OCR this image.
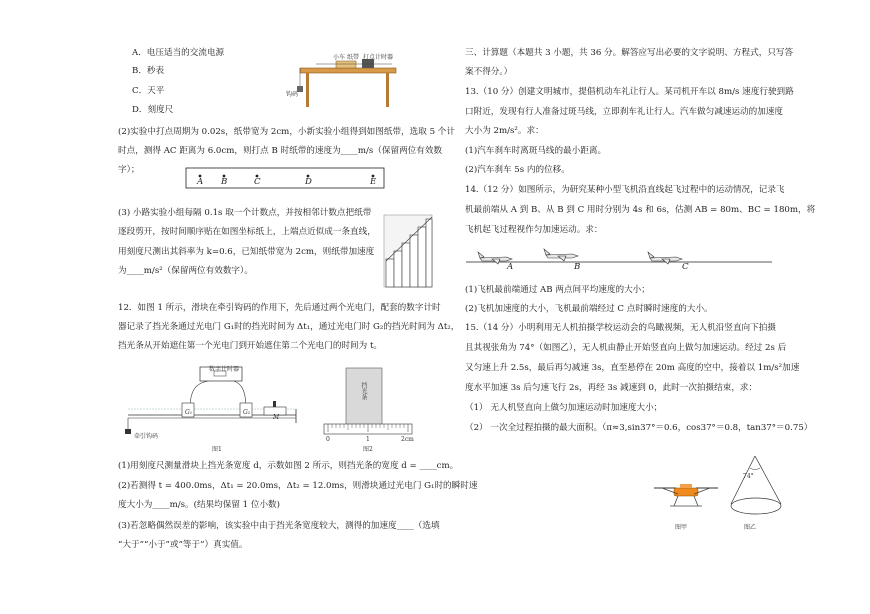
A．电压适当的交流电源
B．秒表
C．天平
D．刻度尺
小车 纸带 打点计时器
钩码
(2)实验中打点周期为 0.02s，纸带宽为 2cm，小新实验小组得到如图纸带，选取 5 个计
时点，测得 AC 距离为 6.0cm，则打点 B 时纸带的速度为____m/s（保留两位有效数
字）；
A B	C	D	E
(3) 小路实验小组每隔 0.1s 取一个计数点，并按相邻计数点把纸带
逐段剪开，按时间顺序贴在如图坐标纸上，上端点近似成一条直线，
用刻度尺测出其斜率为 k=0.6，已知纸带宽为 2cm，则纸带加速度
为____m/s²（保留两位有效数字）。
12．如图 1 所示，滑块在牵引钩码的作用下，先后通过两个光电门，配套的数字计时
器记录了挡光条通过光电门 G₁时的挡光时间为 Δt₁，通过光电门时 G₂的挡光时间为 Δt₂，
挡光条从开始遮住第一个光电门到开始遮住第二个光电门的时间为 t。
数字计时器
G₁	G₂
M
牵引钩码
图1
挡光条
0	1	2cm
图2
(1)用刻度尺测量滑块上挡光条宽度 d，示数如图 2 所示，则挡光条的宽度 d = ____cm。
(2)若测得 t = 400.0ms，Δt₁ = 20.0ms，Δt₂ = 12.0ms，则滑块通过光电门 G₁时的瞬时速
度大小为____m/s。(结果均保留 1 位小数)
(3)若忽略偶然误差的影响，该实验中由于挡光条宽度较大，测得的加速度____（选填
“大于”“小于”或“等于”）真实值。
三、计算题（本题共 3 小题，共 36 分。解答应写出必要的文字说明、方程式，只写答
案不得分。）
13.（10 分）创建文明城市，提倡机动车礼让行人。某司机开车以 8m/s 速度行驶到路
口附近，发现有行人准备过斑马线，立即刹车礼让行人。汽车做匀减速运动的加速度
大小为 2m/s²。求：
(1)汽车刹车时离斑马线的最小距离。
(2)汽车刹车 5s 内的位移。
14.（12 分）如图所示，为研究某种小型飞机沿直线起飞过程中的运动情况，记录飞
机最前端从 A 到 B、从 B 到 C 用时分别为 4s 和 6s，估测 AB = 80m、BC = 180m，将
飞机起飞过程视作匀加速运动。求：
A	B	C
(1)飞机最前端通过 AB 两点间平均速度的大小；
(2)飞机加速度的大小，飞机最前端经过 C 点时瞬时速度的大小。
15.（14 分）小明利用无人机拍摄学校运动会的鸟瞰视频，无人机沿竖直向下拍摄
且其视张角为 74°（如图乙），无人机由静止开始竖直向上做匀加速运动。经过 2s 后
又匀速上升 2.5s，最后再匀减速 3s，直至悬停在 20m 高度的空中，接着以 1m/s²加速
度水平加速 3s 后匀速飞行 2s，再经 3s 减速到 0，此时一次拍摄结束，求：
（1） 无人机竖直向上做匀加速运动时加速度大小；
（2） 一次全过程拍摄的最大面积。（π≈3,sin37°＝0.6，cos37°＝0.8，tan37°＝0.75）
图甲
74°
图乙
